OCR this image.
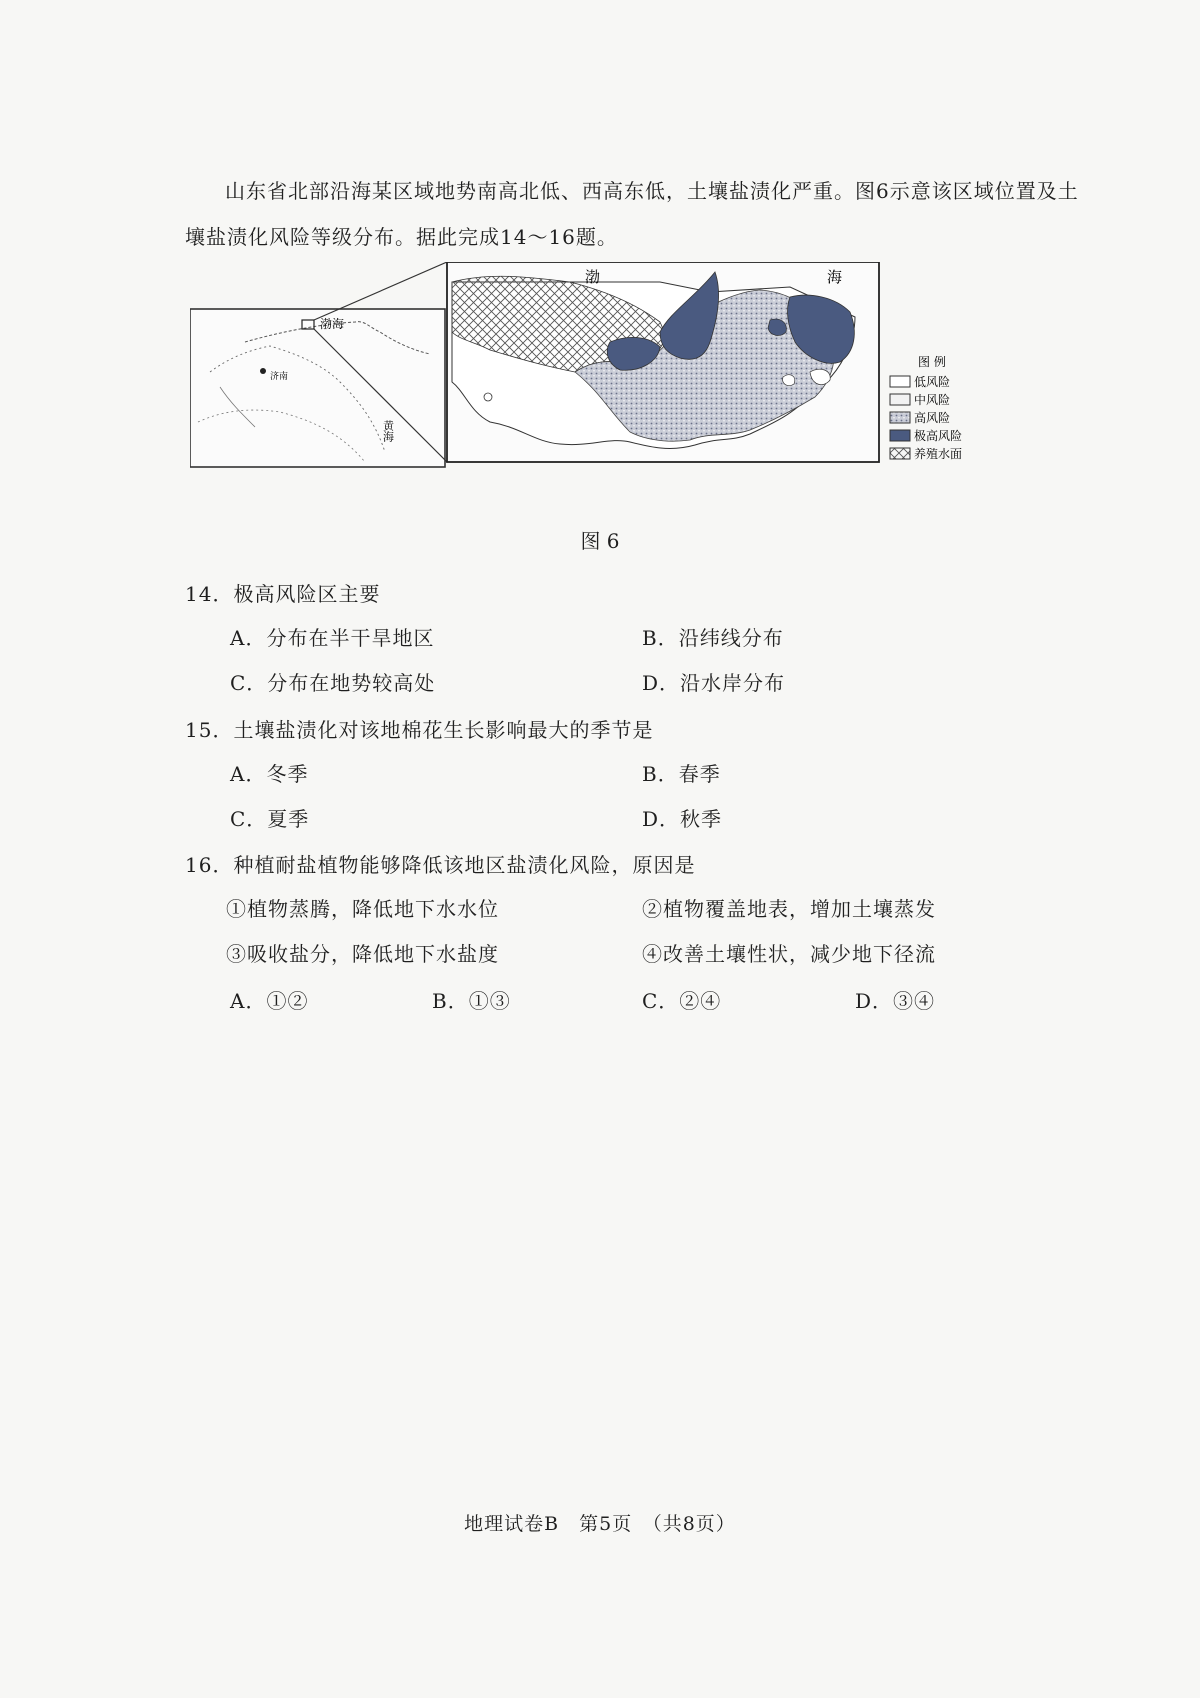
山东省北部沿海某区域地势南高北低、西高东低，土壤盐渍化严重。图6示意该区域位置及土壤盐渍化风险等级分布。据此完成14～16题。

渤海
济南
黄海
渤	海
图 例
低风险
中风险
高风险
极高风险
养殖水面
图 6
14．极高风险区主要
A．分布在半干旱地区	B．沿纬线分布
C．分布在地势较高处	D．沿水岸分布
15．土壤盐渍化对该地棉花生长影响最大的季节是
A．冬季	B．春季
C．夏季	D．秋季
16．种植耐盐植物能够降低该地区盐渍化风险，原因是
①植物蒸腾，降低地下水水位	②植物覆盖地表，增加土壤蒸发
③吸收盐分，降低地下水盐度	④改善土壤性状，减少地下径流
A．①②	B．①③	C．②④	D．③④
地理试卷B　第5页　（共8页）
